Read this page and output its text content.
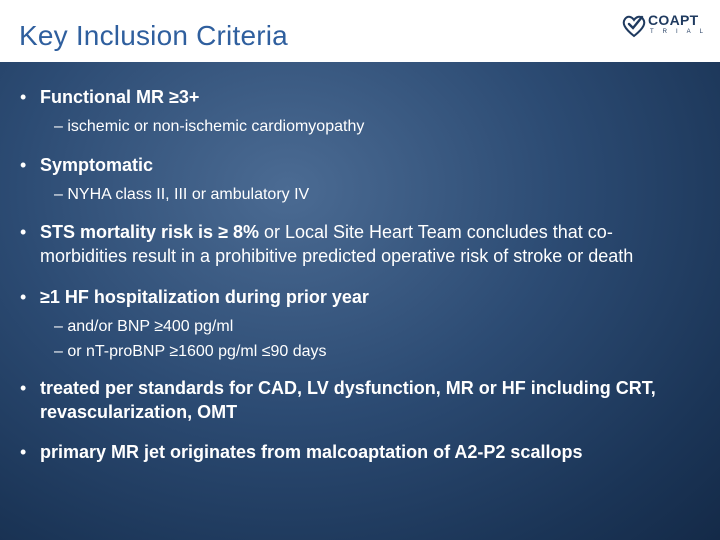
Key Inclusion Criteria	COAPT
TRIAL
• Functional MR ≥3+
– ischemic or non-ischemic cardiomyopathy
• Symptomatic
– NYHA class II, III or ambulatory IV
• STS mortality risk is ≥ 8% or Local Site Heart Team concludes that co-morbidities result in a prohibitive predicted operative risk of stroke or death
• ≥1 HF hospitalization during prior year
– and/or BNP ≥400 pg/ml
– or nT-proBNP ≥1600 pg/ml ≤90 days
• treated per standards for CAD, LV dysfunction, MR or HF including CRT, revascularization, OMT
• primary MR jet originates from malcoaptation of A2-P2 scallops
